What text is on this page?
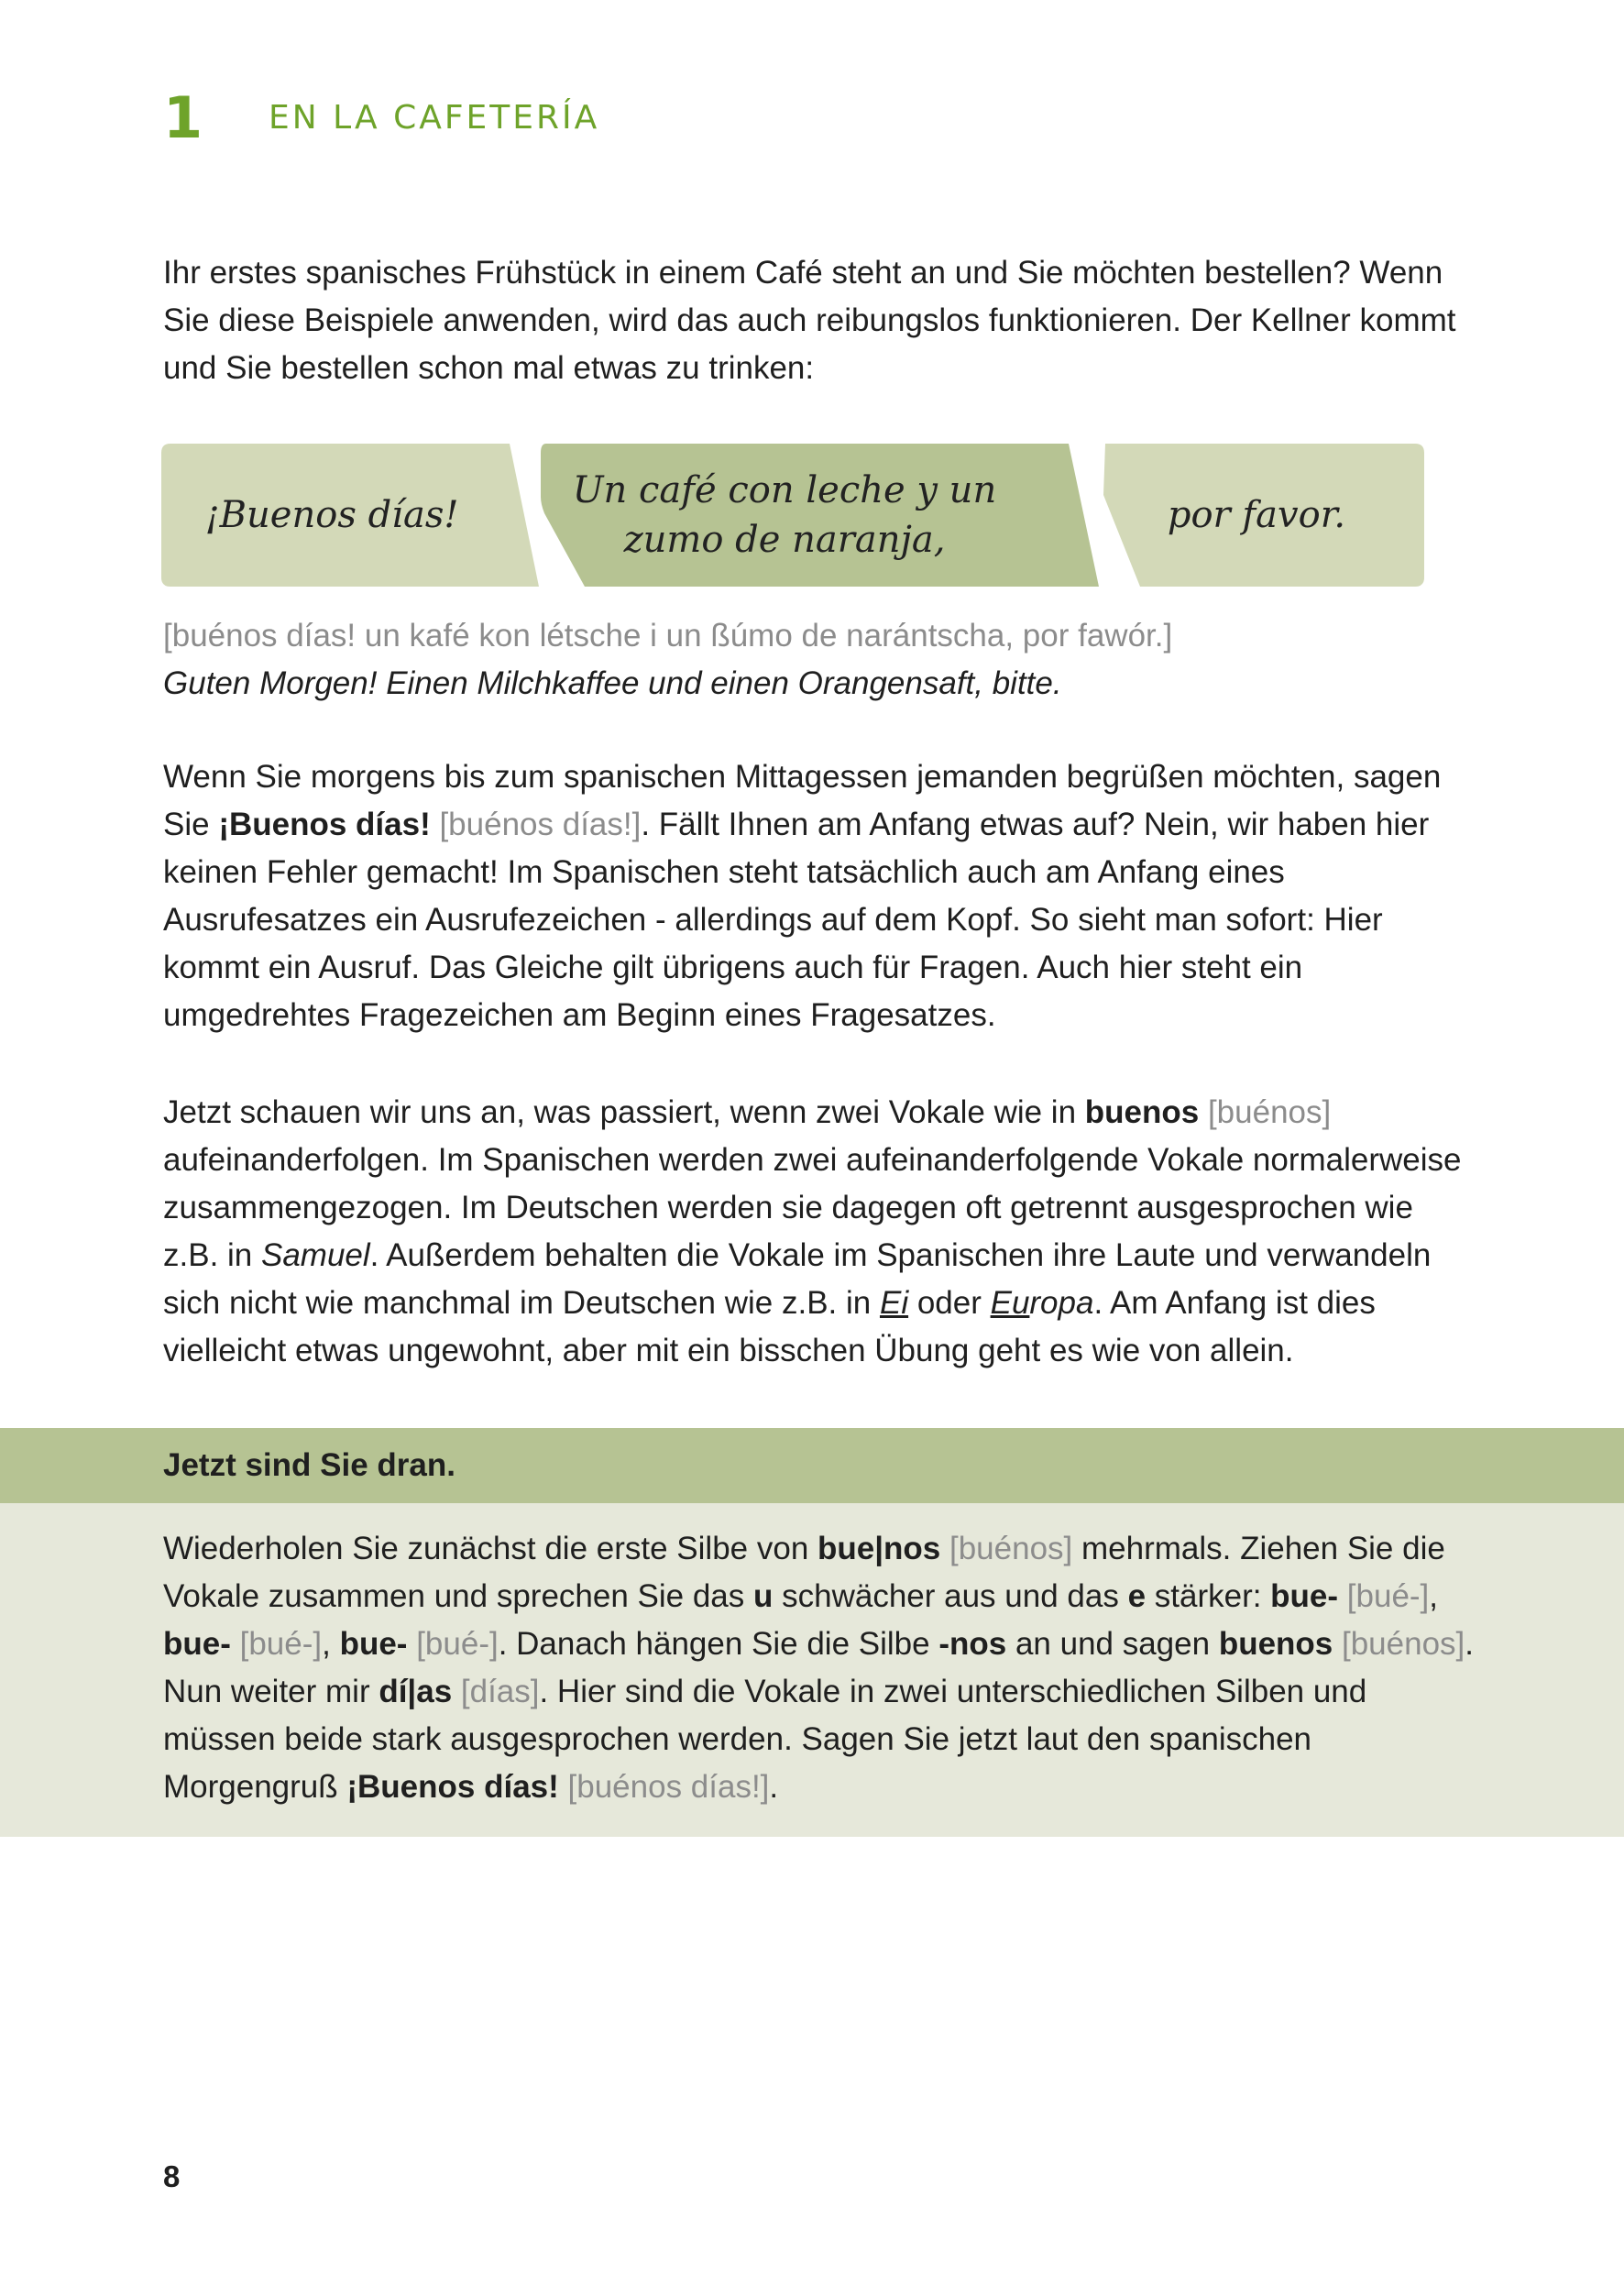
1 EN LA CAFETERÍA

Ihr erstes spanisches Frühstück in einem Café steht an und Sie möchten bestellen? Wenn Sie diese Beispiele anwenden, wird das auch reibungslos funktionieren. Der Kellner kommt und Sie bestellen schon mal etwas zu trinken:

¡Buenos días!
Un café con leche y un zumo de naranja,
por favor.

[buénos días! un kafé kon létsche i un ßúmo de narántscha, por fawór.]

Guten Morgen! Einen Milchkaffee und einen Orangensaft, bitte.

Wenn Sie morgens bis zum spanischen Mittagessen jemanden begrüßen möchten, sagen Sie ¡Buenos días! [buénos días!]. Fällt Ihnen am Anfang etwas auf? Nein, wir haben hier keinen Fehler gemacht! Im Spanischen steht tatsächlich auch am Anfang eines Ausrufesatzes ein Ausrufezeichen - allerdings auf dem Kopf. So sieht man sofort: Hier kommt ein Ausruf. Das Gleiche gilt übrigens auch für Fragen. Auch hier steht ein umgedrehtes Fragezeichen am Beginn eines Fragesatzes.

Jetzt schauen wir uns an, was passiert, wenn zwei Vokale wie in buenos [buénos] aufeinanderfolgen. Im Spanischen werden zwei aufeinanderfolgende Vokale normalerweise zusammengezogen. Im Deutschen werden sie dagegen oft getrennt ausgesprochen wie z.B. in Samuel. Außerdem behalten die Vokale im Spanischen ihre Laute und verwandeln sich nicht wie manchmal im Deutschen wie z.B. in Ei oder Europa. Am Anfang ist dies vielleicht etwas ungewohnt, aber mit ein bisschen Übung geht es wie von allein.

Jetzt sind Sie dran.

Wiederholen Sie zunächst die erste Silbe von bue|nos [buénos] mehrmals. Ziehen Sie die Vokale zusammen und sprechen Sie das u schwächer aus und das e stärker: bue- [bué-], bue- [bué-], bue- [bué-]. Danach hängen Sie die Silbe -nos an und sagen buenos [buénos]. Nun weiter mir dí|as [días]. Hier sind die Vokale in zwei unterschiedlichen Silben und müssen beide stark ausgesprochen werden. Sagen Sie jetzt laut den spanischen Morgengruß ¡Buenos días! [buénos días!].

8
